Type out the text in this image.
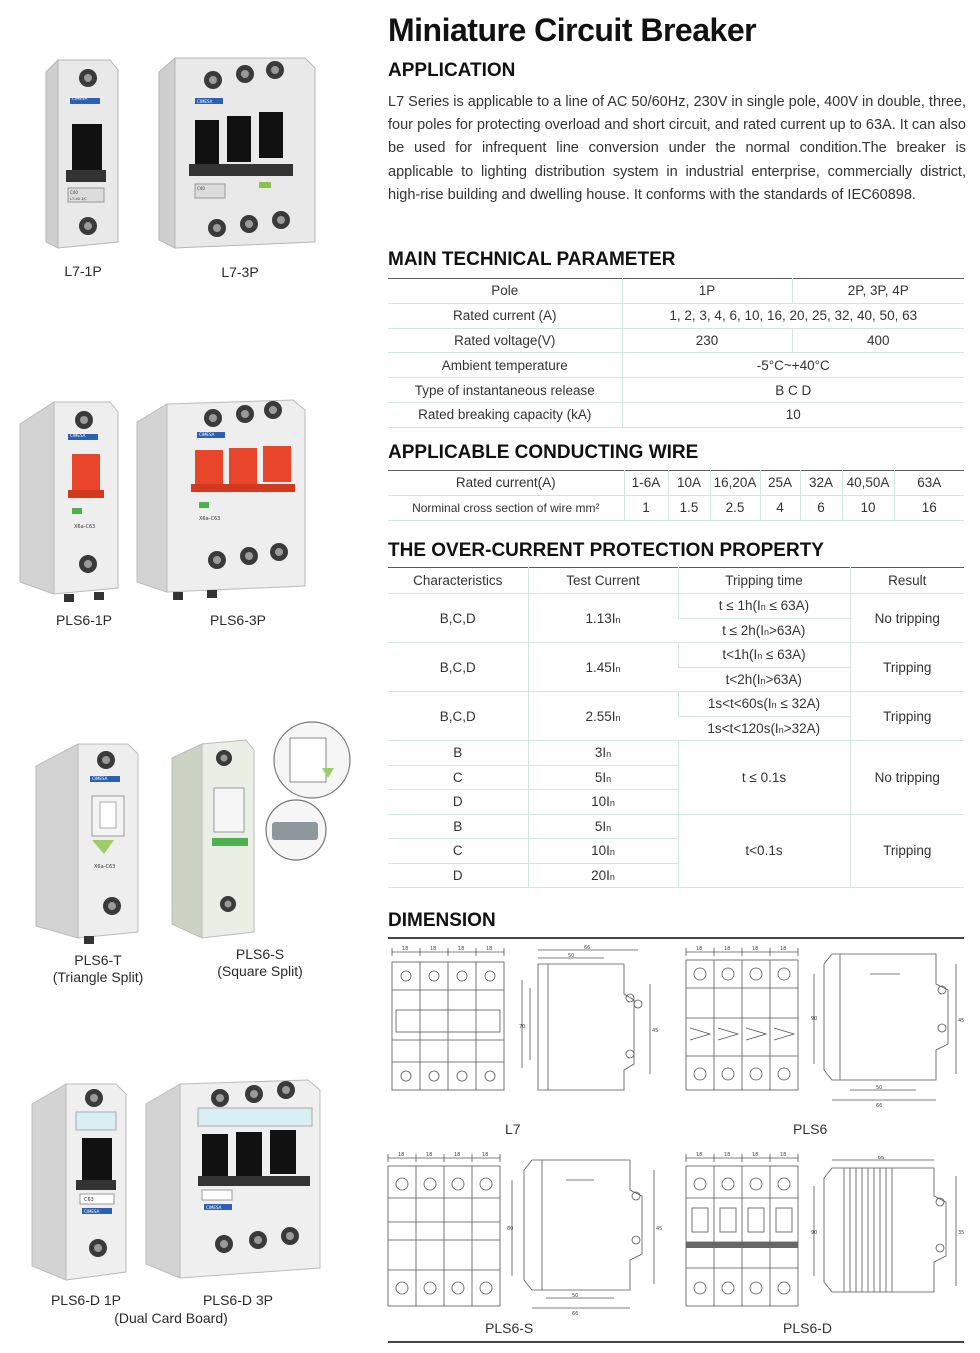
CIMESA
C40
L7-40 1/C
L7-1P
CIMESA
C40
L7-3P
X6a-C63
CIMESA
PLS6-1P
X6a-C63
CIMESA
PLS6-3P
X6a-C63
CIMESA
PLS6-T
(Triangle Split)
PLS6-S
(Square Split)
C63
CIMESA
PLS6-D 1P
CIMESA
PLS6-D 3P
(Dual Card Board)
Miniature Circuit Breaker
APPLICATION
L7 Series is applicable to a line of AC 50/60Hz, 230V in single pole, 400V in double, three, four poles for protecting overload and short circuit, and rated current up to 63A. It can also be used for infrequent line conversion under the normal condition.The breaker is applicable to lighting distribution system in industrial enterprise, commercially district, high-rise building and dwelling house. It conforms with the standards of IEC60898.
MAIN TECHNICAL PARAMETER
Pole	1P	2P, 3P, 4P
Rated current (A)	1, 2, 3, 4, 6, 10, 16, 20, 25, 32, 40, 50, 63	
Rated voltage(V)	230	400
Ambient temperature	-5°C~+40°C	
Type of instantaneous release	B C D	
Rated breaking capacity (kA)	10	
APPLICABLE CONDUCTING WIRE
Rated current(A)	1-6A	10A	16,20A	25A	32A	40,50A	63A
Norminal cross section of wire mm²	1	1.5	2.5	4	6	10	16
THE OVER-CURRENT PROTECTION PROPERTY
Characteristics	Test Current	Tripping time	Result
B,C,D	1.13In	t ≤ 1h(In ≤ 63A)	No tripping
		t ≤ 2h(In>63A)	
B,C,D	1.45In	t<1h(In ≤ 63A)	Tripping
		t<2h(In>63A)	
B,C,D	2.55In	1s<t<60s(In ≤ 32A)	Tripping
		1s<t<120s(In>32A)	
B	3In	t ≤ 0.1s	No tripping
C	5In		
D	10In		
B	5In	t<0.1s	Tripping
C	10In		
D	20In		
DIMENSION
18	18	18	18	66
50
70
45
L7
18	18	18	18
90	45
50
66
PLS6
18	18	18	18
80	45
50
66
PLS6-S
18	18	18	18	66
90	35
PLS6-D
